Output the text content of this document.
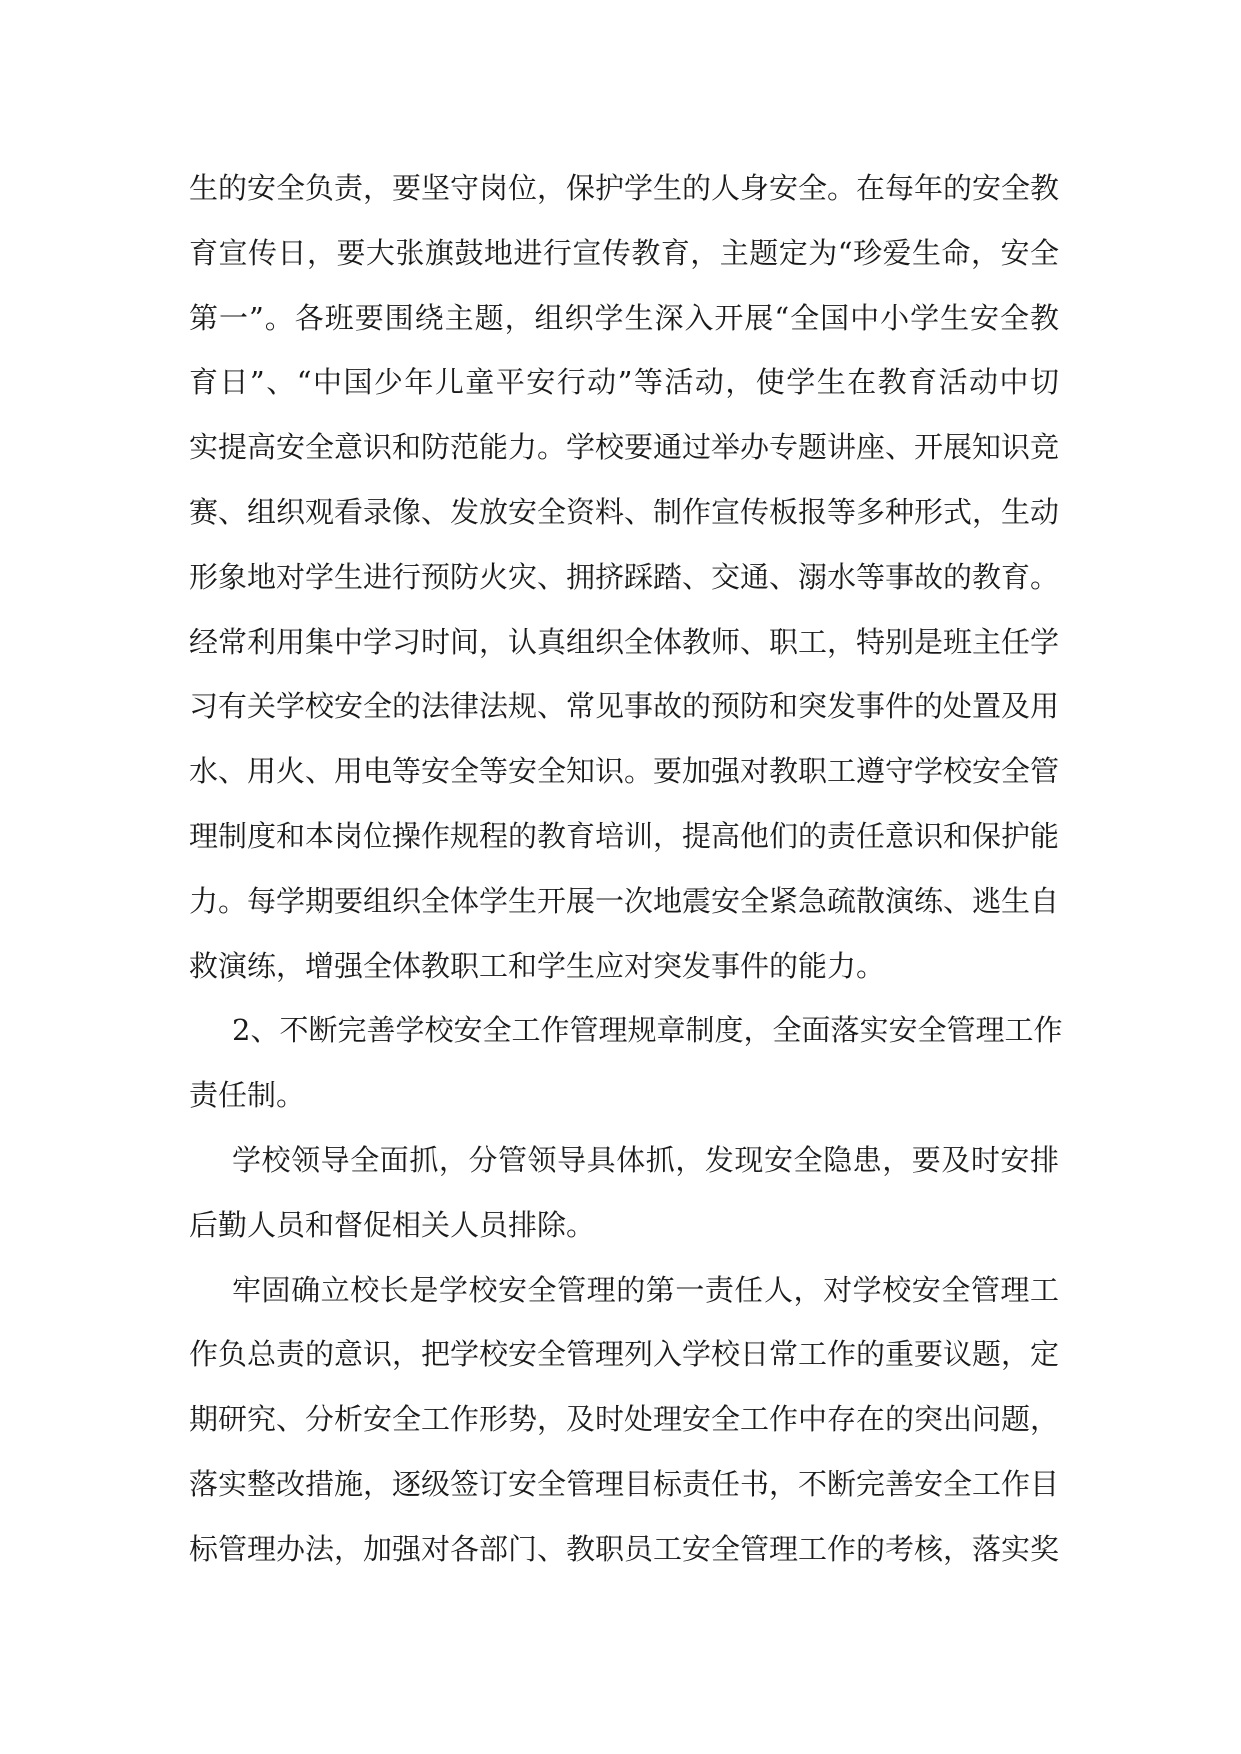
生的安全负责，要坚守岗位，保护学生的人身安全。在每年的安全教
育宣传日，要大张旗鼓地进行宣传教育，主题定为“珍爱生命，安全
第一”。各班要围绕主题，组织学生深入开展“全国中小学生安全教
育日”、“中国少年儿童平安行动”等活动，使学生在教育活动中切
实提高安全意识和防范能力。学校要通过举办专题讲座、开展知识竞
赛、组织观看录像、发放安全资料、制作宣传板报等多种形式，生动
形象地对学生进行预防火灾、拥挤踩踏、交通、溺水等事故的教育。
经常利用集中学习时间，认真组织全体教师、职工，特别是班主任学
习有关学校安全的法律法规、常见事故的预防和突发事件的处置及用
水、用火、用电等安全等安全知识。要加强对教职工遵守学校安全管
理制度和本岗位操作规程的教育培训，提高他们的责任意识和保护能
力。每学期要组织全体学生开展一次地震安全紧急疏散演练、逃生自
救演练，增强全体教职工和学生应对突发事件的能力。
2、不断完善学校安全工作管理规章制度，全面落实安全管理工作
责任制。
学校领导全面抓，分管领导具体抓，发现安全隐患，要及时安排
后勤人员和督促相关人员排除。
牢固确立校长是学校安全管理的第一责任人，对学校安全管理工
作负总责的意识，把学校安全管理列入学校日常工作的重要议题，定
期研究、分析安全工作形势，及时处理安全工作中存在的突出问题，
落实整改措施，逐级签订安全管理目标责任书，不断完善安全工作目
标管理办法，加强对各部门、教职员工安全管理工作的考核，落实奖
